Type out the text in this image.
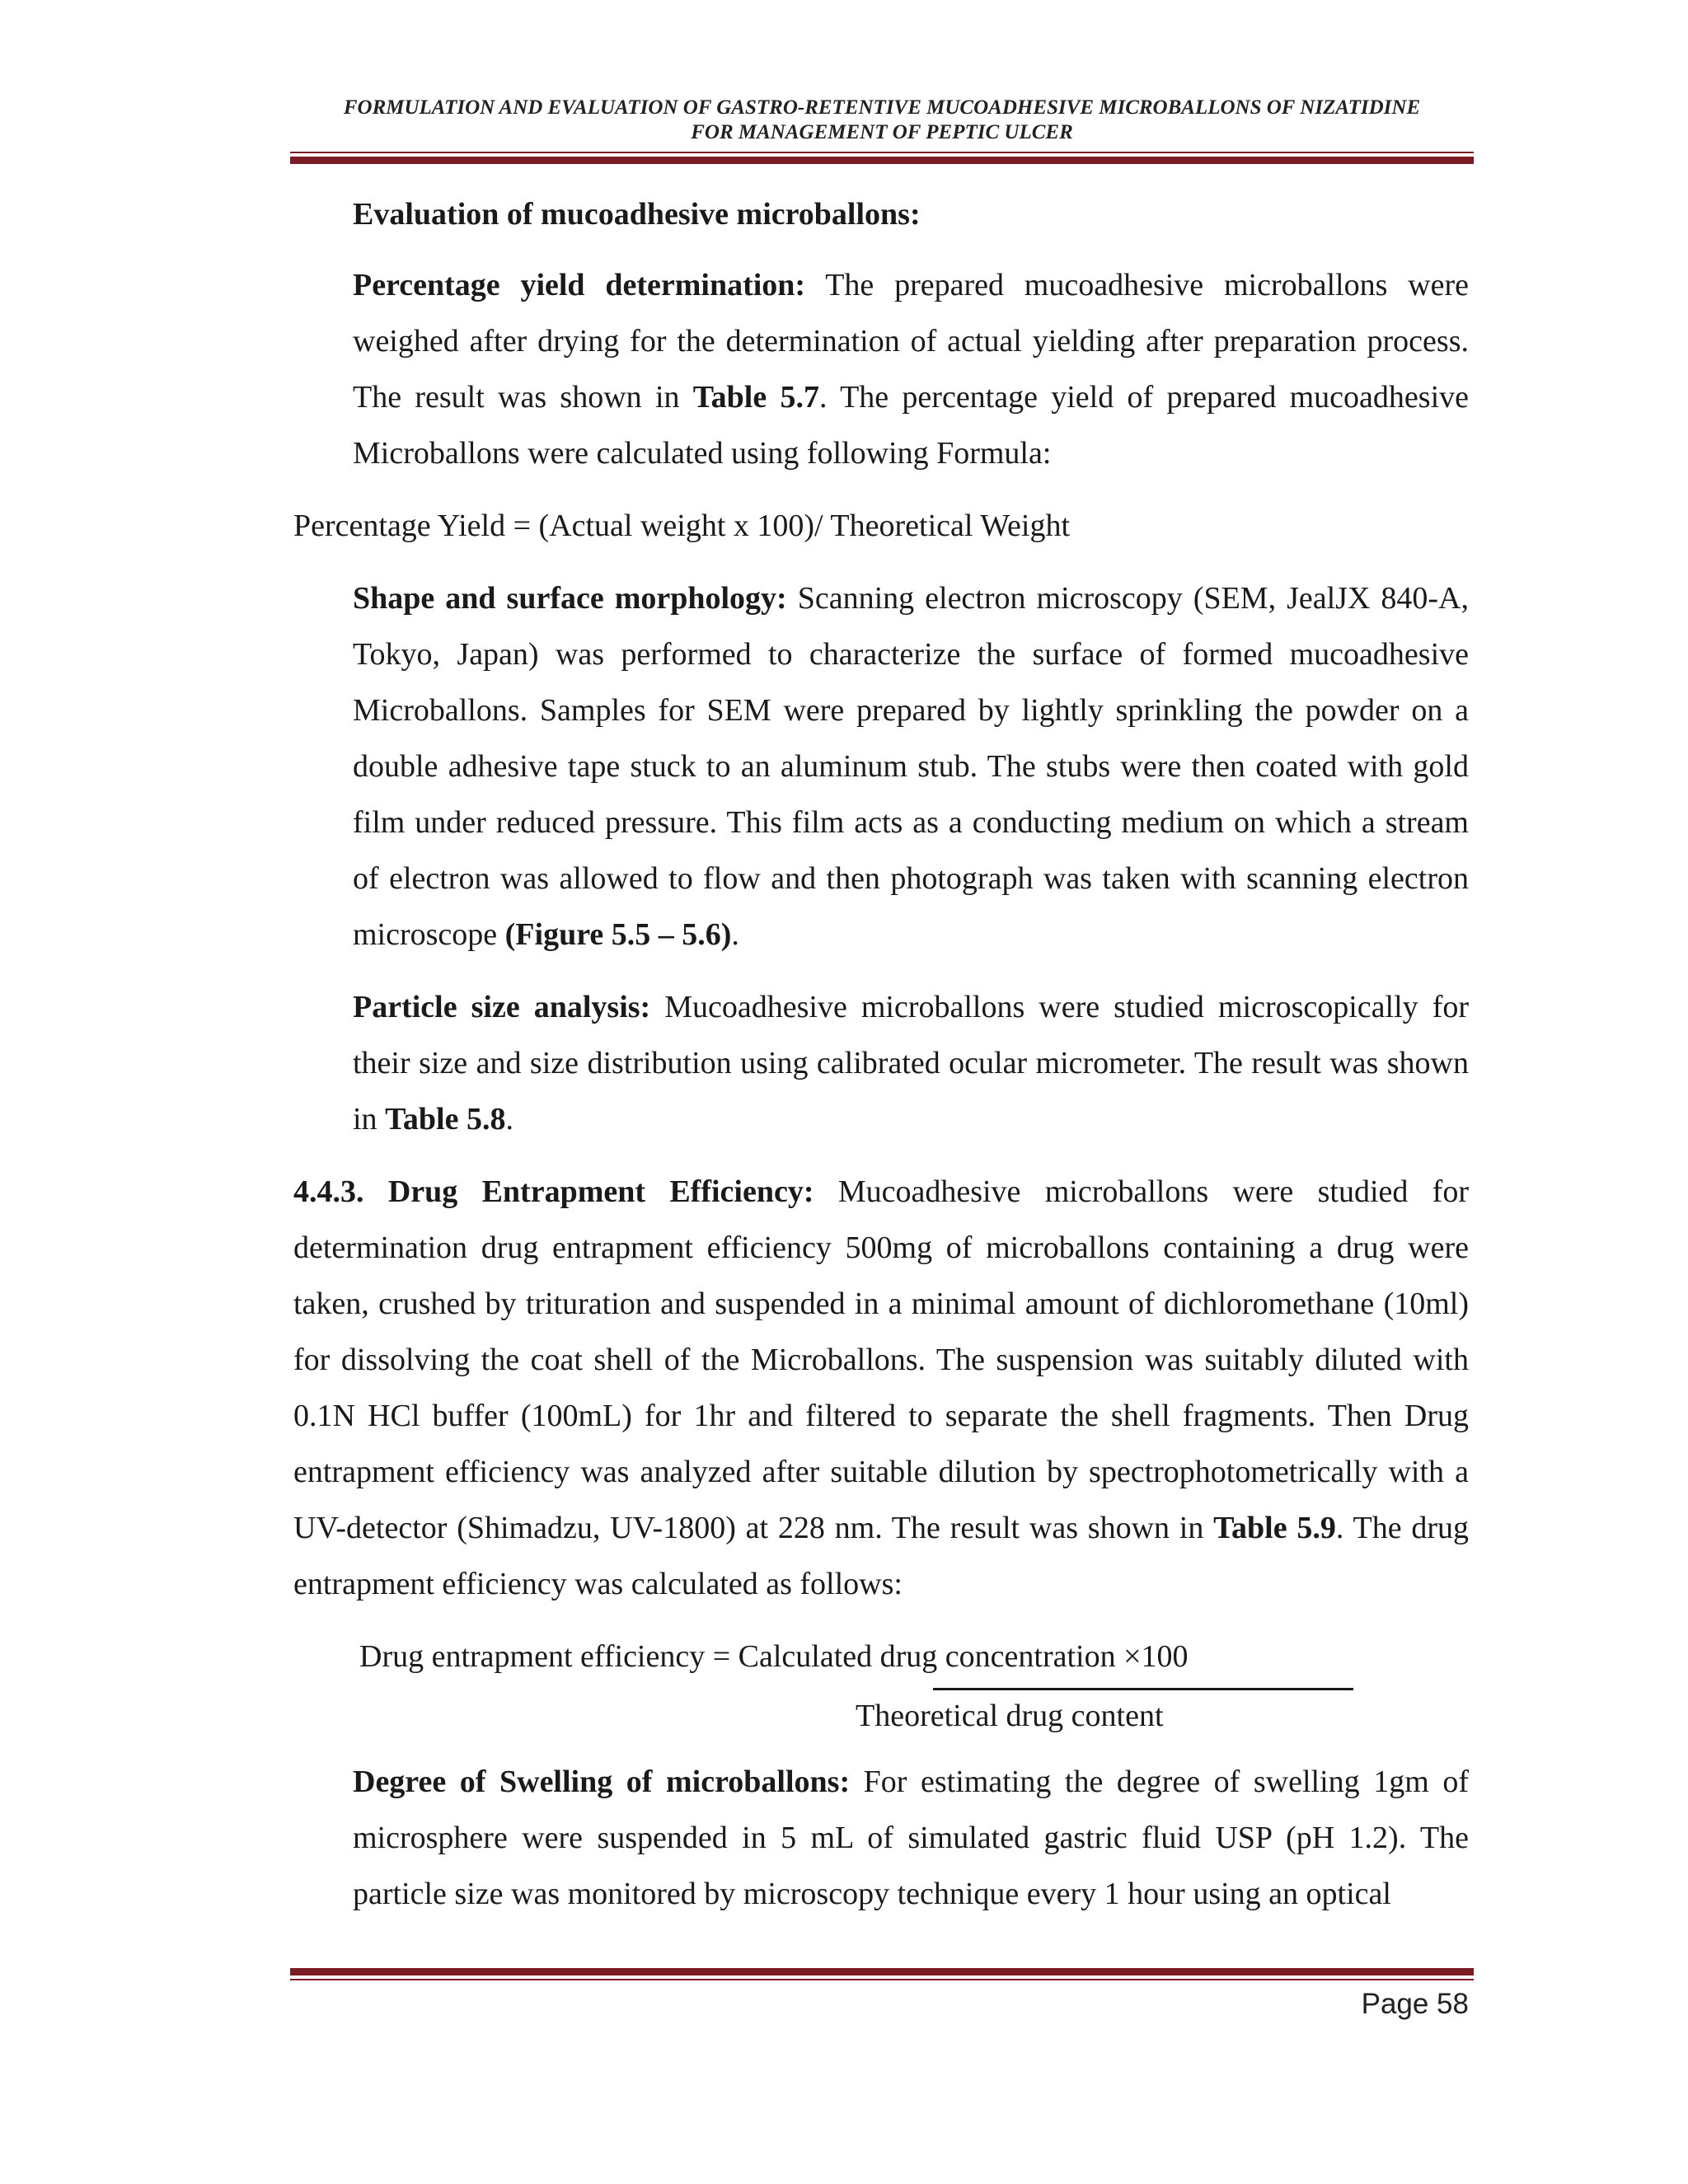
FORMULATION AND EVALUATION OF GASTRO-RETENTIVE MUCOADHESIVE MICROBALLONS OF NIZATIDINE
FOR MANAGEMENT OF PEPTIC ULCER

Evaluation of mucoadhesive microballons:

Percentage yield determination: The prepared mucoadhesive microballons were weighed after drying for the determination of actual yielding after preparation process. The result was shown in Table 5.7. The percentage yield of prepared mucoadhesive Microballons were calculated using following Formula:

Percentage Yield = (Actual weight x 100)/ Theoretical Weight

Shape and surface morphology: Scanning electron microscopy (SEM, JealJX 840-A, Tokyo, Japan) was performed to characterize the surface of formed mucoadhesive Microballons. Samples for SEM were prepared by lightly sprinkling the powder on a double adhesive tape stuck to an aluminum stub. The stubs were then coated with gold film under reduced pressure. This film acts as a conducting medium on which a stream of electron was allowed to flow and then photograph was taken with scanning electron microscope (Figure 5.5 – 5.6).

Particle size analysis: Mucoadhesive microballons were studied microscopically for their size and size distribution using calibrated ocular micrometer. The result was shown in Table 5.8.

4.4.3. Drug Entrapment Efficiency: Mucoadhesive microballons were studied for determination drug entrapment efficiency 500mg of microballons containing a drug were taken, crushed by trituration and suspended in a minimal amount of dichloromethane (10ml) for dissolving the coat shell of the Microballons. The suspension was suitably diluted with 0.1N HCl buffer (100mL) for 1hr and filtered to separate the shell fragments. Then Drug entrapment efficiency was analyzed after suitable dilution by spectrophotometrically with a UV-detector (Shimadzu, UV-1800) at 228 nm. The result was shown in Table 5.9. The drug entrapment efficiency was calculated as follows:

Drug entrapment efficiency = Calculated drug concentration ×100
Theoretical drug content

Degree of Swelling of microballons: For estimating the degree of swelling 1gm of microsphere were suspended in 5 mL of simulated gastric fluid USP (pH 1.2). The particle size was monitored by microscopy technique every 1 hour using an optical

Page 58
